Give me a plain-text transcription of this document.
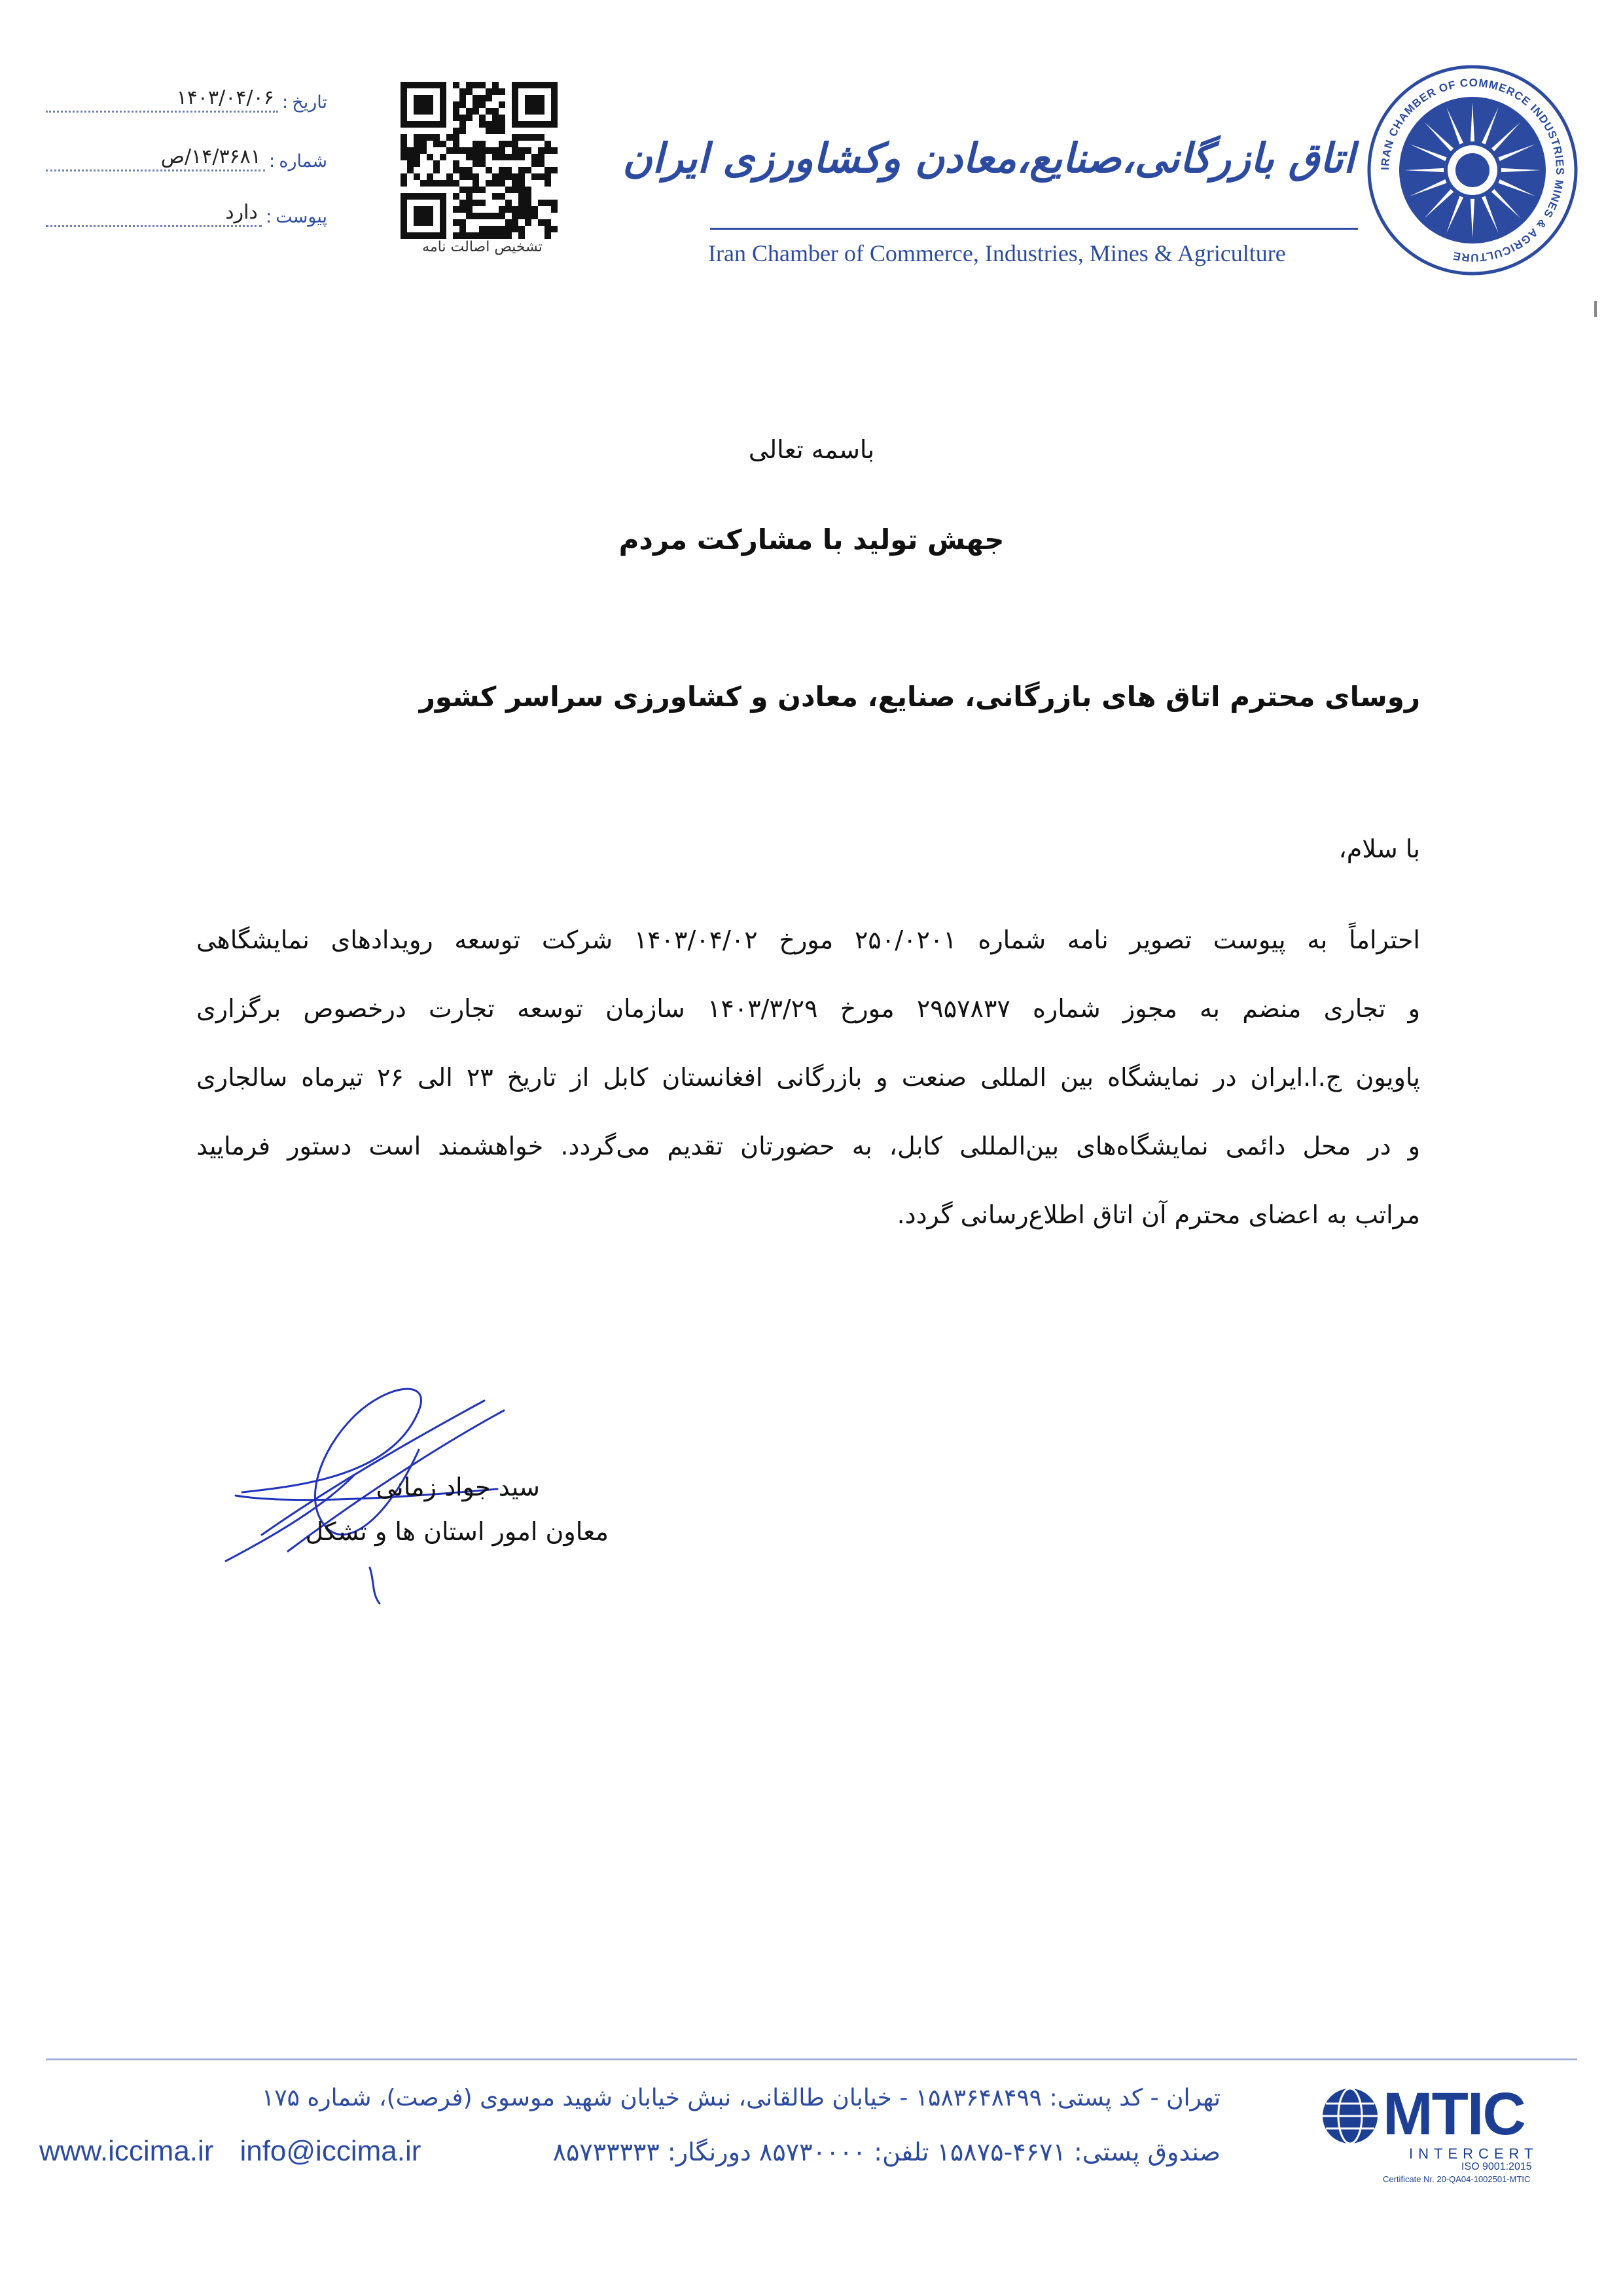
تاریخ
:
۱۴۰۳/۰۴/۰۶
شماره
:
۱۴/۳۶۸۱/ص
پیوست
:
دارد
تشخیص اصالت نامه
اتاق بازرگانی،صنایع،معادن وکشاورزی ایران
Iran Chamber of Commerce, Industries, Mines & Agriculture
IRAN CHAMBER OF COMMERCE INDUSTRIES MINES & AGRICULTURE
باسمه تعالی
جهش تولید با مشارکت مردم
روسای محترم اتاق های بازرگانی، صنایع، معادن و کشاورزی سراسر کشور
با سلام،
احتراماً به پیوست تصویر نامه شماره ۲۵۰/۰۲۰۱ مورخ ۱۴۰۳/۰۴/۰۲ شرکت توسعه رویدادهای نمایشگاهی
و تجاری منضم به مجوز شماره ۲۹۵۷۸۳۷ مورخ ۱۴۰۳/۳/۲۹ سازمان توسعه تجارت درخصوص برگزاری
پاویون ج.ا.ایران در نمایشگاه بین المللی صنعت و بازرگانی افغانستان کابل از تاریخ ۲۳ الی ۲۶ تیرماه سالجاری
و در محل دائمی نمایشگاه‌های بین‌المللی کابل، به حضورتان تقدیم می‌گردد. خواهشمند است دستور فرمایید
مراتب به اعضای محترم آن اتاق اطلاع‌رسانی گردد.
سید جواد زمانی
معاون امور استان ها و تشکل
تهران - کد پستی: ۱۵۸۳۶۴۸۴۹۹ - خیابان طالقانی، نبش خیابان شهید موسوی (فرصت)، شماره ۱۷۵
www.iccima.ir info@iccima.ir	صندوق پستی: ۴۶۷۱-۱۵۸۷۵ تلفن: ۸۵۷۳۰۰۰۰ دورنگار: ۸۵۷۳۳۳۳۳
MTIC
INTERCERT
ISO 9001:2015
Certificate Nr. 20-QA04-1002501-MTIC
